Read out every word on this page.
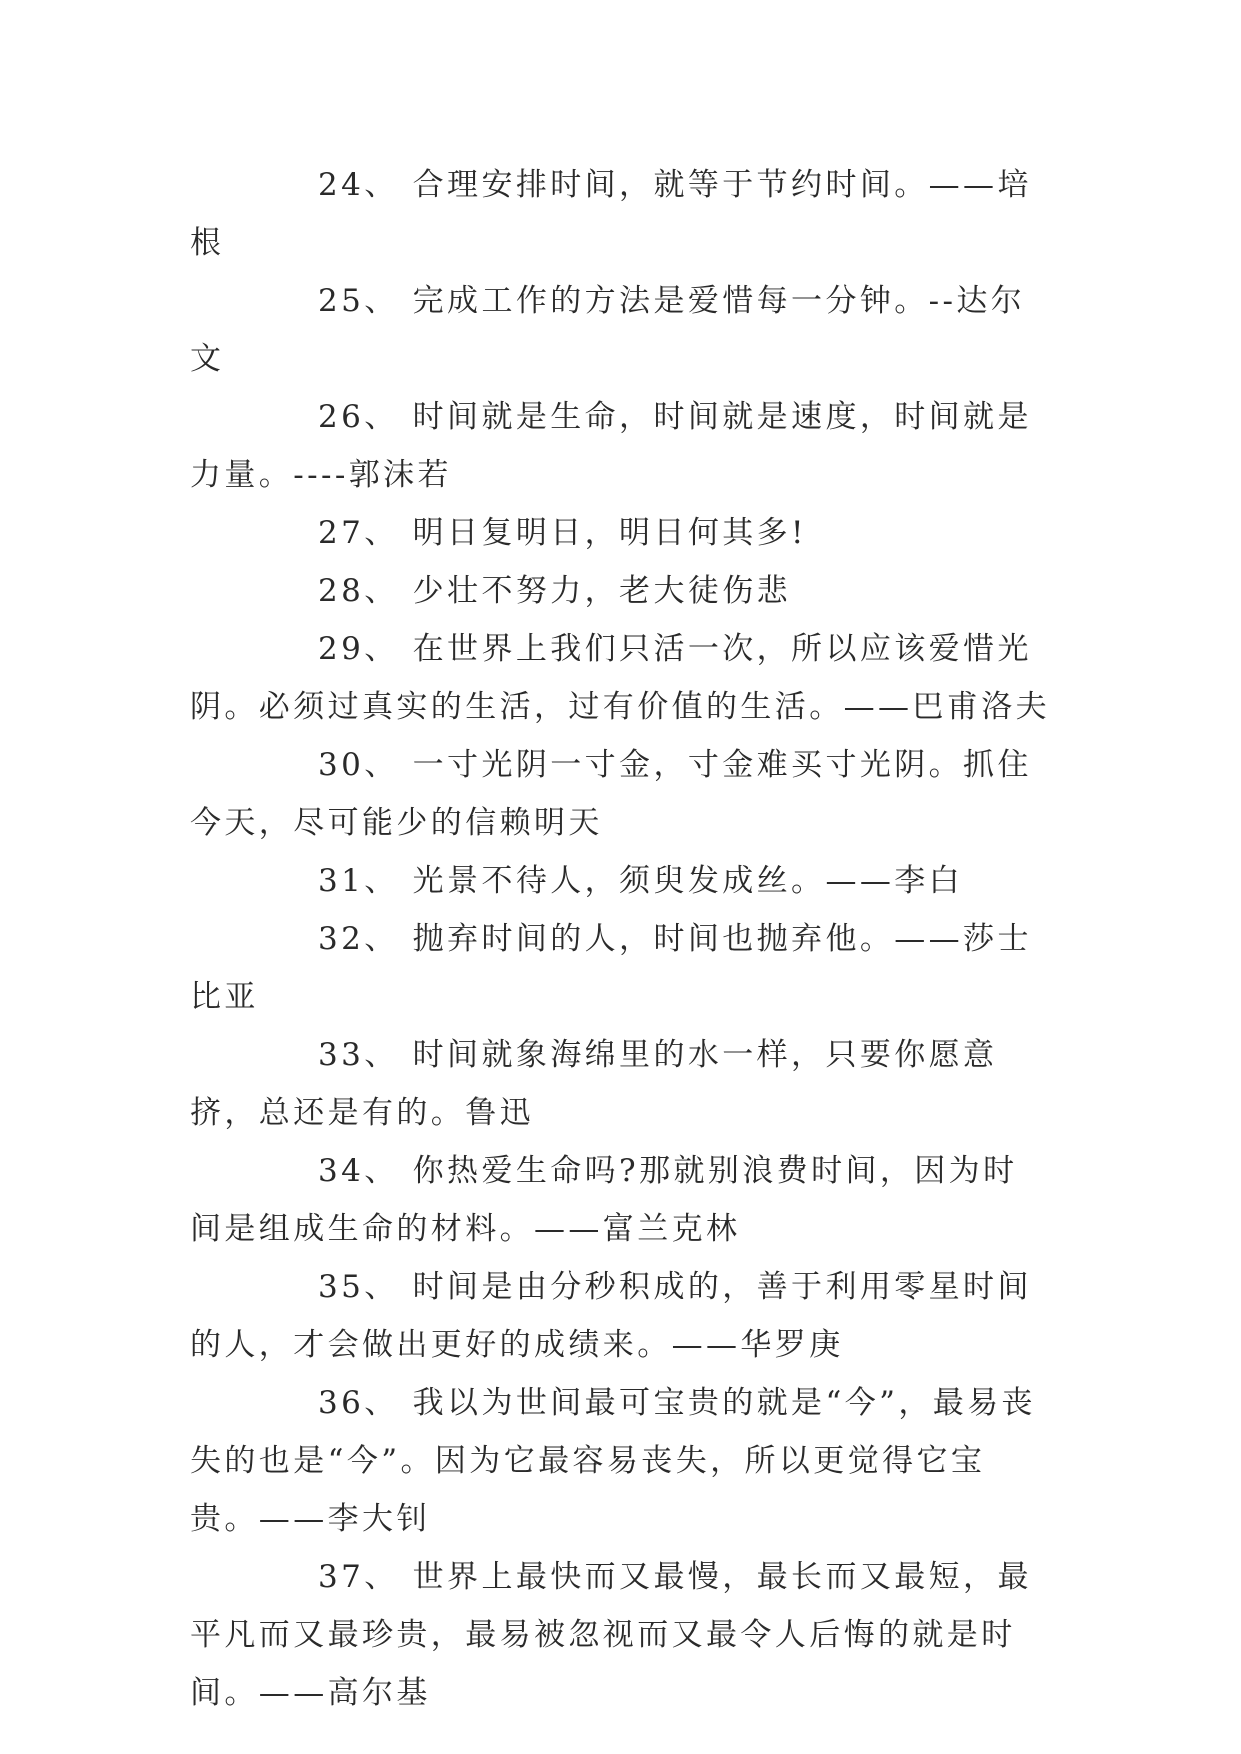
24、 合理安排时间，就等于节约时间。——培根

25、 完成工作的方法是爱惜每一分钟。--达尔文

26、 时间就是生命，时间就是速度，时间就是力量。----郭沫若

27、 明日复明日，明日何其多!

28、 少壮不努力，老大徒伤悲

29、 在世界上我们只活一次，所以应该爱惜光阴。必须过真实的生活，过有价值的生活。——巴甫洛夫

30、 一寸光阴一寸金，寸金难买寸光阴。抓住今天，尽可能少的信赖明天

31、 光景不待人，须臾发成丝。——李白

32、 抛弃时间的人，时间也抛弃他。——莎士比亚

33、 时间就象海绵里的水一样，只要你愿意挤，总还是有的。鲁迅

34、 你热爱生命吗?那就别浪费时间，因为时间是组成生命的材料。——富兰克林

35、 时间是由分秒积成的，善于利用零星时间的人，才会做出更好的成绩来。——华罗庚

36、 我以为世间最可宝贵的就是“今”，最易丧失的也是“今”。因为它最容易丧失，所以更觉得它宝贵。——李大钊

37、 世界上最快而又最慢，最长而又最短，最平凡而又最珍贵，最易被忽视而又最令人后悔的就是时间。——高尔基
